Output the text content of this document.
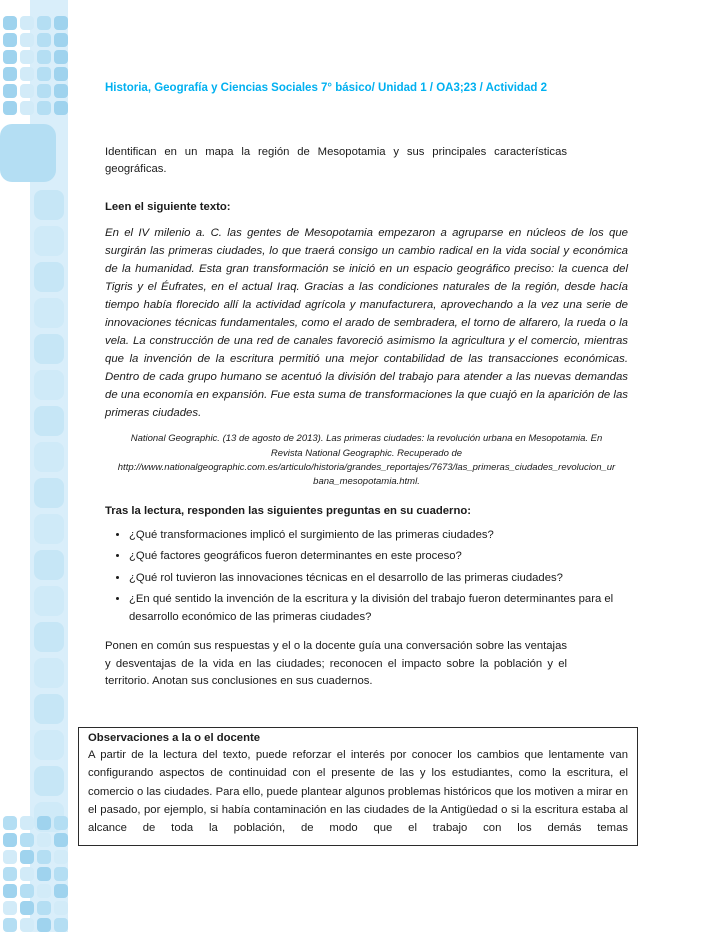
Historia, Geografía y Ciencias Sociales 7° básico/ Unidad 1 / OA3;23 / Actividad 2

Identifican en un mapa la región de Mesopotamia y sus principales características geográficas.

Leen el siguiente texto:

En el IV milenio a. C. las gentes de Mesopotamia empezaron a agruparse en núcleos de los que surgirán las primeras ciudades, lo que traerá consigo un cambio radical en la vida social y económica de la humanidad. Esta gran transformación se inició en un espacio geográfico preciso: la cuenca del Tigris y el Éufrates, en el actual Iraq. Gracias a las condiciones naturales de la región, desde hacía tiempo había florecido allí la actividad agrícola y manufacturera, aprovechando a la vez una serie de innovaciones técnicas fundamentales, como el arado de sembradera, el torno de alfarero, la rueda o la vela. La construcción de una red de canales favoreció asimismo la agricultura y el comercio, mientras que la invención de la escritura permitió una mejor contabilidad de las transacciones económicas. Dentro de cada grupo humano se acentuó la división del trabajo para atender a las nuevas demandas de una economía en expansión. Fue esta suma de transformaciones la que cuajó en la aparición de las primeras ciudades.

National Geographic. (13 de agosto de 2013). Las primeras ciudades: la revolución urbana en Mesopotamia. En Revista National Geographic. Recuperado de http://www.nationalgeographic.com.es/articulo/historia/grandes_reportajes/7673/las_primeras_ciudades_revolucion_urbana_mesopotamia.html.

Tras la lectura, responden las siguientes preguntas en su cuaderno:

• ¿Qué transformaciones implicó el surgimiento de las primeras ciudades?
• ¿Qué factores geográficos fueron determinantes en este proceso?
• ¿Qué rol tuvieron las innovaciones técnicas en el desarrollo de las primeras ciudades?
• ¿En qué sentido la invención de la escritura y la división del trabajo fueron determinantes para el desarrollo económico de las primeras ciudades?

Ponen en común sus respuestas y el o la docente guía una conversación sobre las ventajas y desventajas de la vida en las ciudades; reconocen el impacto sobre la población y el territorio. Anotan sus conclusiones en sus cuadernos.

Observaciones a la o el docente

A partir de la lectura del texto, puede reforzar el interés por conocer los cambios que lentamente van configurando aspectos de continuidad con el presente de las y los estudiantes, como la escritura, el comercio o las ciudades. Para ello, puede plantear algunos problemas históricos que los motiven a mirar en el pasado, por ejemplo, si había contaminación en las ciudades de la Antigüedad o si la escritura estaba al alcance de toda la población, de modo que el trabajo con los demás temas
